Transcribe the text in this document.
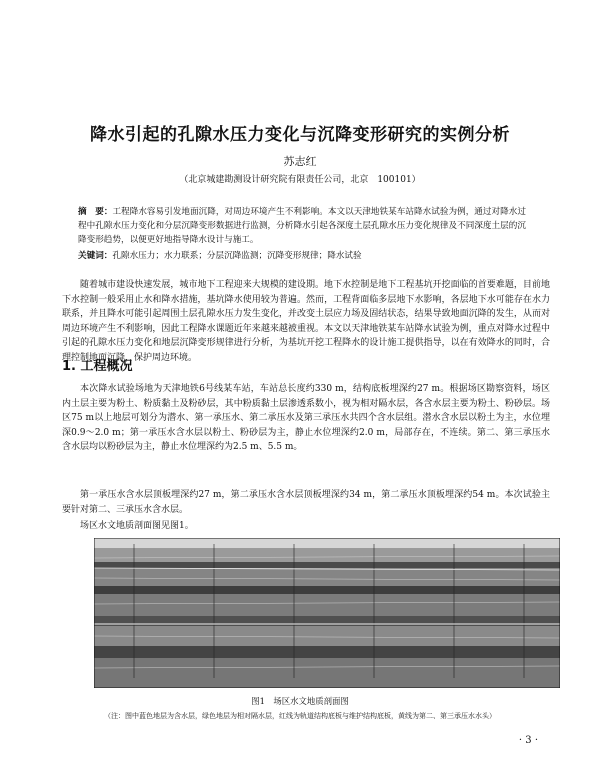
降水引起的孔隙水压力变化与沉降变形研究的实例分析
苏志红
（北京城建勘测设计研究院有限责任公司，北京　100101）
摘　要：工程降水容易引发地面沉降，对周边环境产生不利影响。本文以天津地铁某车站降水试验为例，通过对降水过程中孔隙水压力变化和分层沉降变形数据进行监测，分析降水引起各深度土层孔隙水压力变化规律及不同深度土层的沉降变形趋势，以便更好地指导降水设计与施工。
关键词：孔隙水压力；水力联系；分层沉降监测；沉降变形规律；降水试验
随着城市建设快速发展，城市地下工程迎来大规模的建设期。地下水控制是地下工程基坑开挖面临的首要难题，目前地下水控制一般采用止水和降水措施，基坑降水使用较为普遍。然而，工程背面临多层地下水影响，各层地下水可能存在水力联系，并且降水可能引起周围土层孔隙水压力发生变化，并改变土层应力场及固结状态，结果导致地面沉降的发生，从而对周边环境产生不利影响，因此工程降水课题近年来越来越被重视。本文以天津地铁某车站降水试验为例，重点对降水过程中引起的孔隙水压力变化和地层沉降变形规律进行分析，为基坑开挖工程降水的设计施工提供指导，以在有效降水的同时，合理控制地面沉降，保护周边环境。
1. 工程概况
本次降水试验场地为天津地铁6号线某车站，车站总长度约330 m，结构底板埋深约27 m。根据场区勘察资料，场区内土层主要为粉土、粉质黏土及粉砂层，其中粉质黏土层渗透系数小，视为相对隔水层，各含水层主要为粉土、粉砂层。场区75 m以上地层可划分为潜水、第一承压水、第二承压水及第三承压水共四个含水层组。潜水含水层以粉土为主，水位埋深0.9～2.0 m；第一承压水含水层以粉土、粉砂层为主，静止水位埋深约2.0 m，局部存在，不连续。第二、第三承压水含水层均以粉砂层为主，静止水位埋深约为2.5 m、5.5 m。
第一承压水含水层顶板埋深约27 m，第二承压水含水层顶板埋深约34 m，第二承压水顶板埋深约54 m。本次试验主要针对第二、三承压水含水层。
场区水文地质剖面图见图1。
图1　场区水文地质剖面图
（注：图中蓝色地层为含水层，绿色地层为相对隔水层，红线为轨道结构底板与维护结构底板，黄线为第二、第三承压水水头）
· 3 ·
